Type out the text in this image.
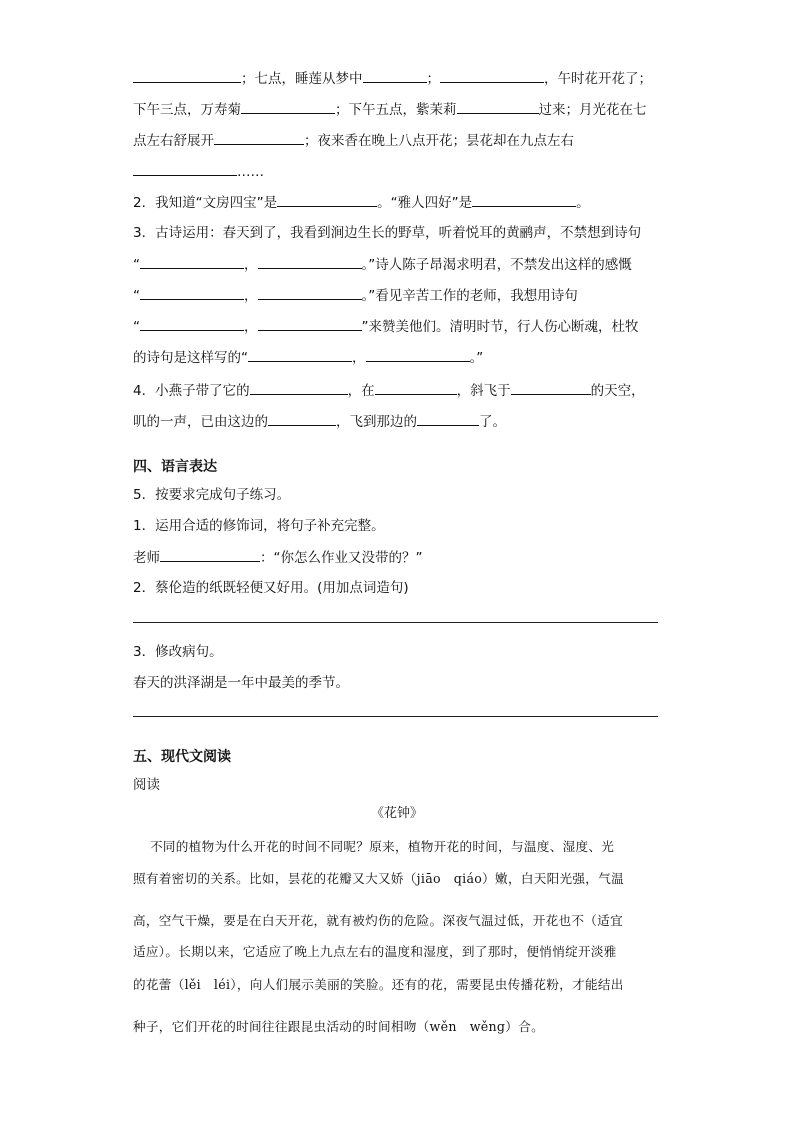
；七点，睡莲从梦中	；	，午时花开花了；
下午三点，万寿菊	；下午五点，紫茉莉	过来；月光花在七
点左右舒展开	；夜来香在晚上八点开花；昙花却在九点左右
……
2．我知道“文房四宝”是	。“雅人四好”是	。
3．古诗运用：春天到了，我看到涧边生长的野草，听着悦耳的黄鹂声，不禁想到诗句
“	，	。”诗人陈子昂渴求明君，不禁发出这样的感慨
“	，	。”看见辛苦工作的老师，我想用诗句
“	，	”来赞美他们。清明时节，行人伤心断魂，杜牧
的诗句是这样写的“	，	。”
4．小燕子带了它的	，在	，斜飞于	的天空，
叽的一声，已由这边的	，飞到那边的	了。
四、语言表达
5．按要求完成句子练习。
1．运用合适的修饰词，将句子补充完整。
老师	：“你怎么作业又没带的？”
2．蔡伦造的纸既轻便又好用。(用加点词造句)
3．修改病句。
春天的洪泽湖是一年中最美的季节。
五、现代文阅读
阅读
《花钟》
不同的植物为什么开花的时间不同呢？原来，植物开花的时间，与温度、湿度、光
照有着密切的关系。比如，昙花的花瓣又大又娇（jiāo　qiáo）嫩，白天阳光强，气温
高，空气干燥，要是在白天开花，就有被灼伤的危险。深夜气温过低，开花也不（适宜
适应）。长期以来，它适应了晚上九点左右的温度和湿度，到了那时，便悄悄绽开淡雅
的花蕾（lěi　léi），向人们展示美丽的笑脸。还有的花，需要昆虫传播花粉，才能结出
种子，它们开花的时间往往跟昆虫活动的时间相吻（wěn　wěng）合。
